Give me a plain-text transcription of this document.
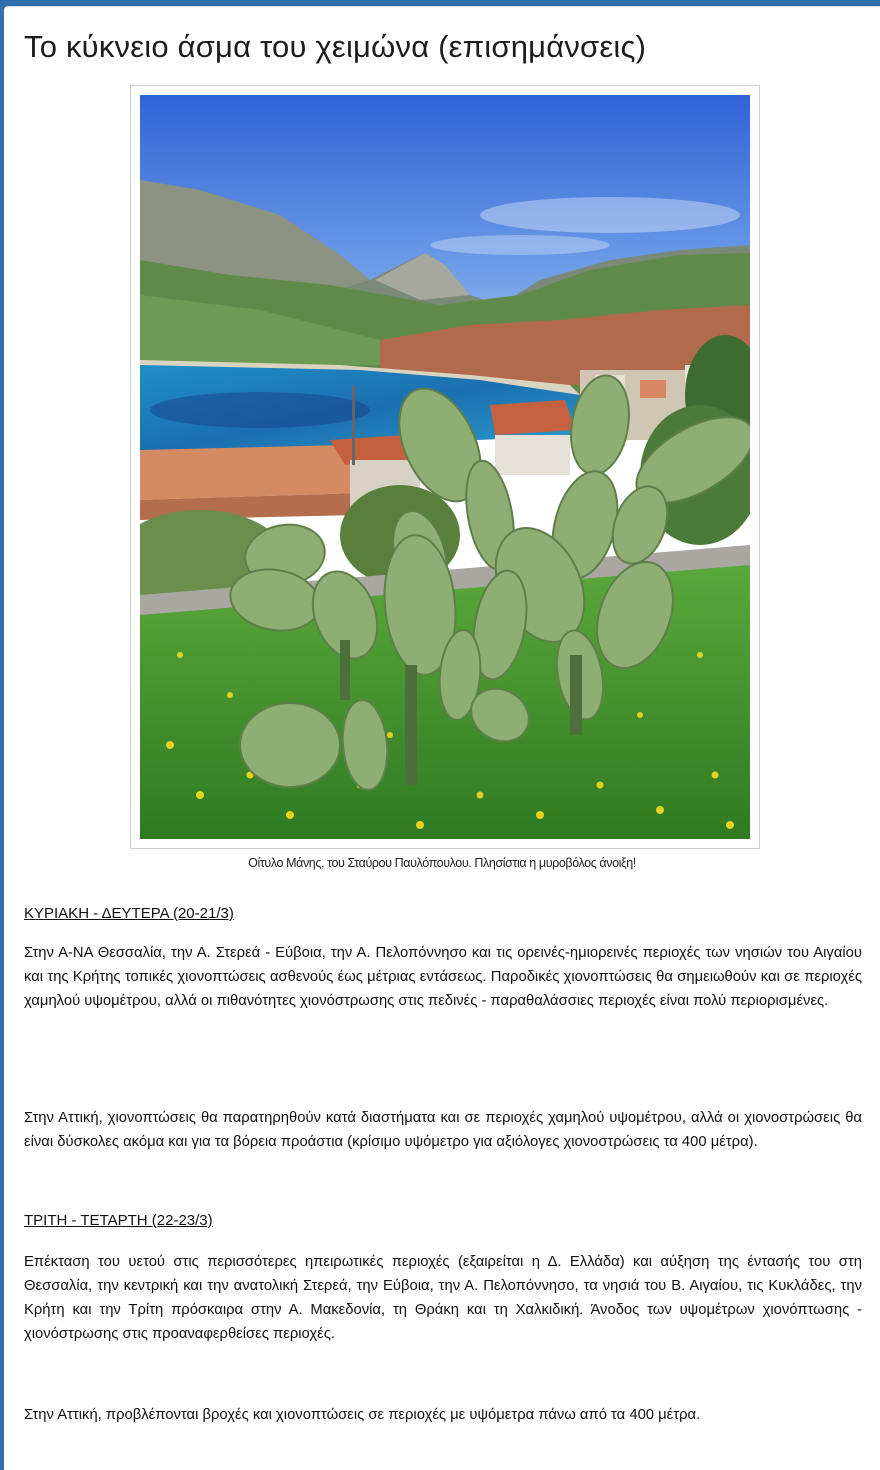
Το κύκνειο άσμα του χειμώνα (επισημάνσεις)
Οίτυλο Μάνης, του Σταύρου Παυλόπουλου. Πλησίστια η μυροβόλος άνοιξη!

ΚΥΡΙΑΚΗ - ΔΕΥΤΕΡΑ (20-21/3)

Στην Α-ΝΑ Θεσσαλία, την Α. Στερεά - Εύβοια, την Α. Πελοπόννησο και τις ορεινές-ημιορεινές περιοχές των νησιών του Αιγαίου και της Κρήτης τοπικές χιονοπτώσεις ασθενούς έως μέτριας εντάσεως. Παροδικές χιονοπτώσεις θα σημειωθούν και σε περιοχές χαμηλού υψομέτρου, αλλά οι πιθανότητες χιονόστρωσης στις πεδινές - παραθαλάσσιες περιοχές είναι πολύ περιορισμένες.

Στην Αττική, χιονοπτώσεις θα παρατηρηθούν κατά διαστήματα και σε περιοχές χαμηλού υψομέτρου, αλλά οι χιονοστρώσεις θα είναι δύσκολες ακόμα και για τα βόρεια προάστια (κρίσιμο υψόμετρο για αξιόλογες χιονοστρώσεις τα 400 μέτρα).

ΤΡΙΤΗ - ΤΕΤΑΡΤΗ (22-23/3)

Επέκταση του υετού στις περισσότερες ηπειρωτικές περιοχές (εξαιρείται η Δ. Ελλάδα) και αύξηση της έντασής του στη Θεσσαλία, την κεντρική και την ανατολική Στερεά, την Εύβοια, την Α. Πελοπόννησο, τα νησιά του Β. Αιγαίου, τις Κυκλάδες, την Κρήτη και την Τρίτη πρόσκαιρα στην Α. Μακεδονία, τη Θράκη και τη Χαλκιδική. Άνοδος των υψομέτρων χιονόπτωσης - χιονόστρωσης στις προαναφερθείσες περιοχές.

Στην Αττική, προβλέπονται βροχές και χιονοπτώσεις σε περιοχές με υψόμετρα πάνω από τα 400 μέτρα.
